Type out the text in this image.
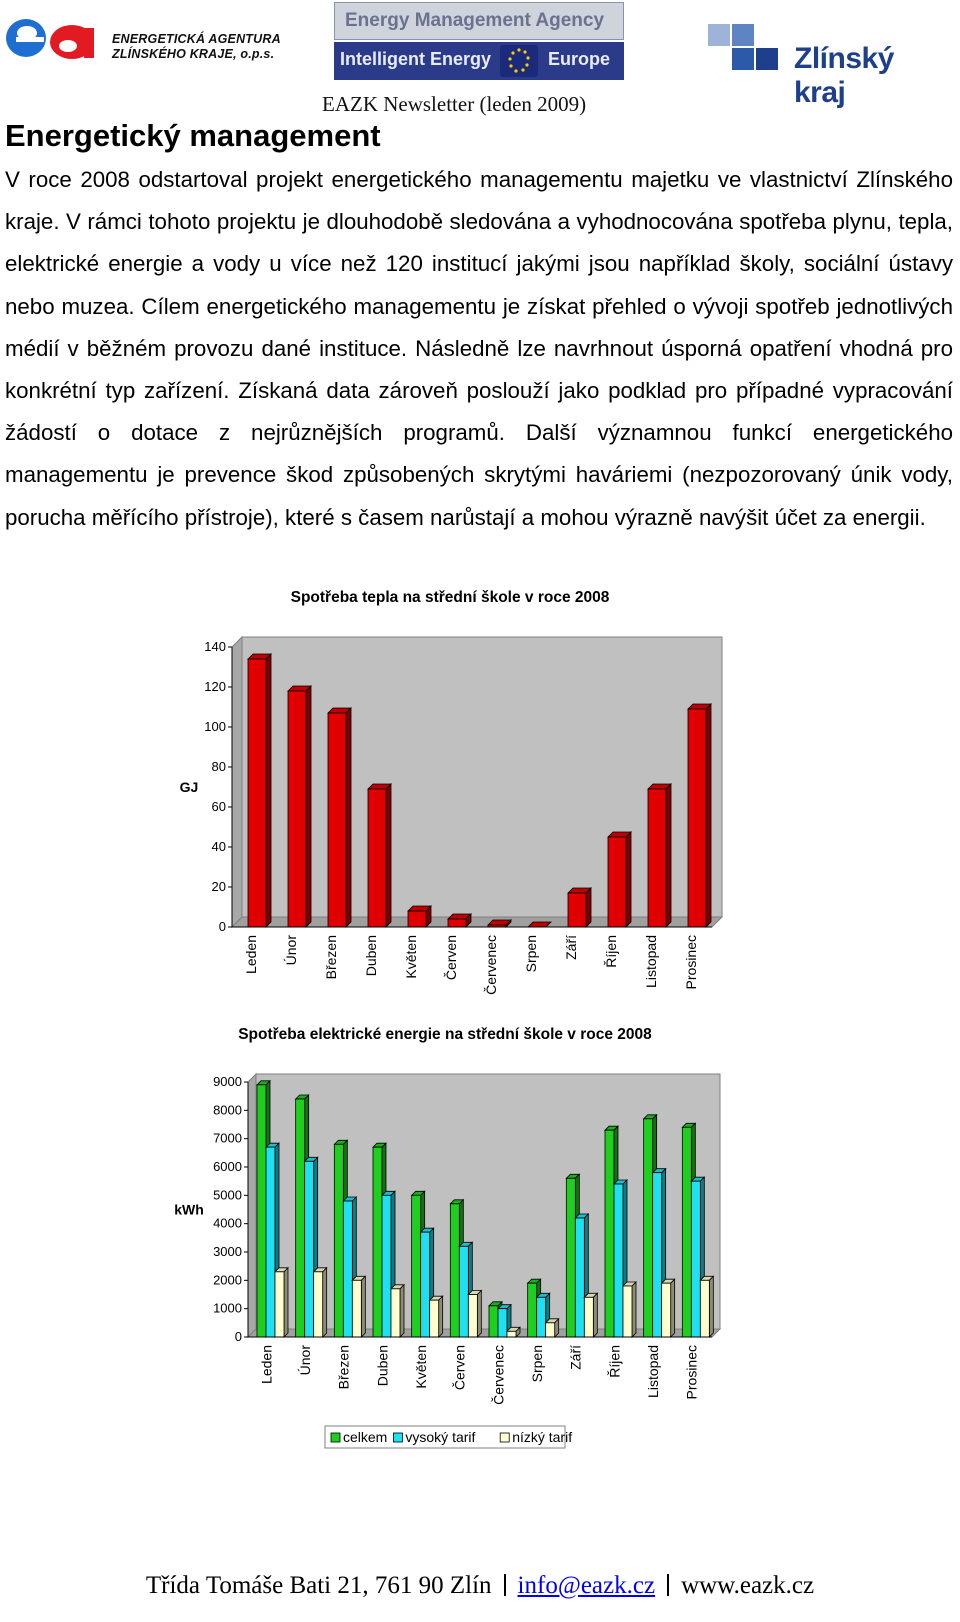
ENERGETICKÁ AGENTURA
ZLÍNSKÉHO KRAJE, o.p.s.
Energy Management Agency
Intelligent Energy	Europe	Zlínský kraj
EAZK Newsletter (leden 2009)
Energetický management
V roce 2008 odstartoval projekt energetického managementu majetku ve vlastnictví Zlínského kraje. V rámci tohoto projektu je dlouhodobě sledována a vyhodnocována spotřeba plynu, tepla, elektrické energie a vody u více než 120 institucí jakými jsou například školy, sociální ústavy nebo muzea. Cílem energetického managementu je získat přehled o vývoji spotřeb jednotlivých médií v běžném provozu dané instituce. Následně lze navrhnout úsporná opatření vhodná pro konkrétní typ zařízení. Získaná data zároveň poslouží jako podklad pro případné vypracování žádostí o dotace z nejrůznějších programů. Další významnou funkcí energetického managementu je prevence škod způsobených skrytými haváriemi (nezpozorovaný únik vody, porucha měřícího přístroje), které s časem narůstají a mohou výrazně navýšit účet za energii.
Spotřeba tepla na střední škole v roce 2008
0
20
40
60
80
100
120
140
GJ
Leden Únor Březen Duben Květen Červen Červenec Srpen Září Říjen Listopad Prosinec
Spotřeba elektrické energie na střední škole v roce 2008
0
1000
2000
3000
4000
5000
6000
7000
8000
9000
kWh
Leden Únor Březen Duben Květen Červen Červenec Srpen Září Říjen Listopad Prosinec
celkem vysoký tarif	nízký tarif
Třída Tomáše Bati 21, 761 90 Zlín info@eazk.cz www.eazk.cz
